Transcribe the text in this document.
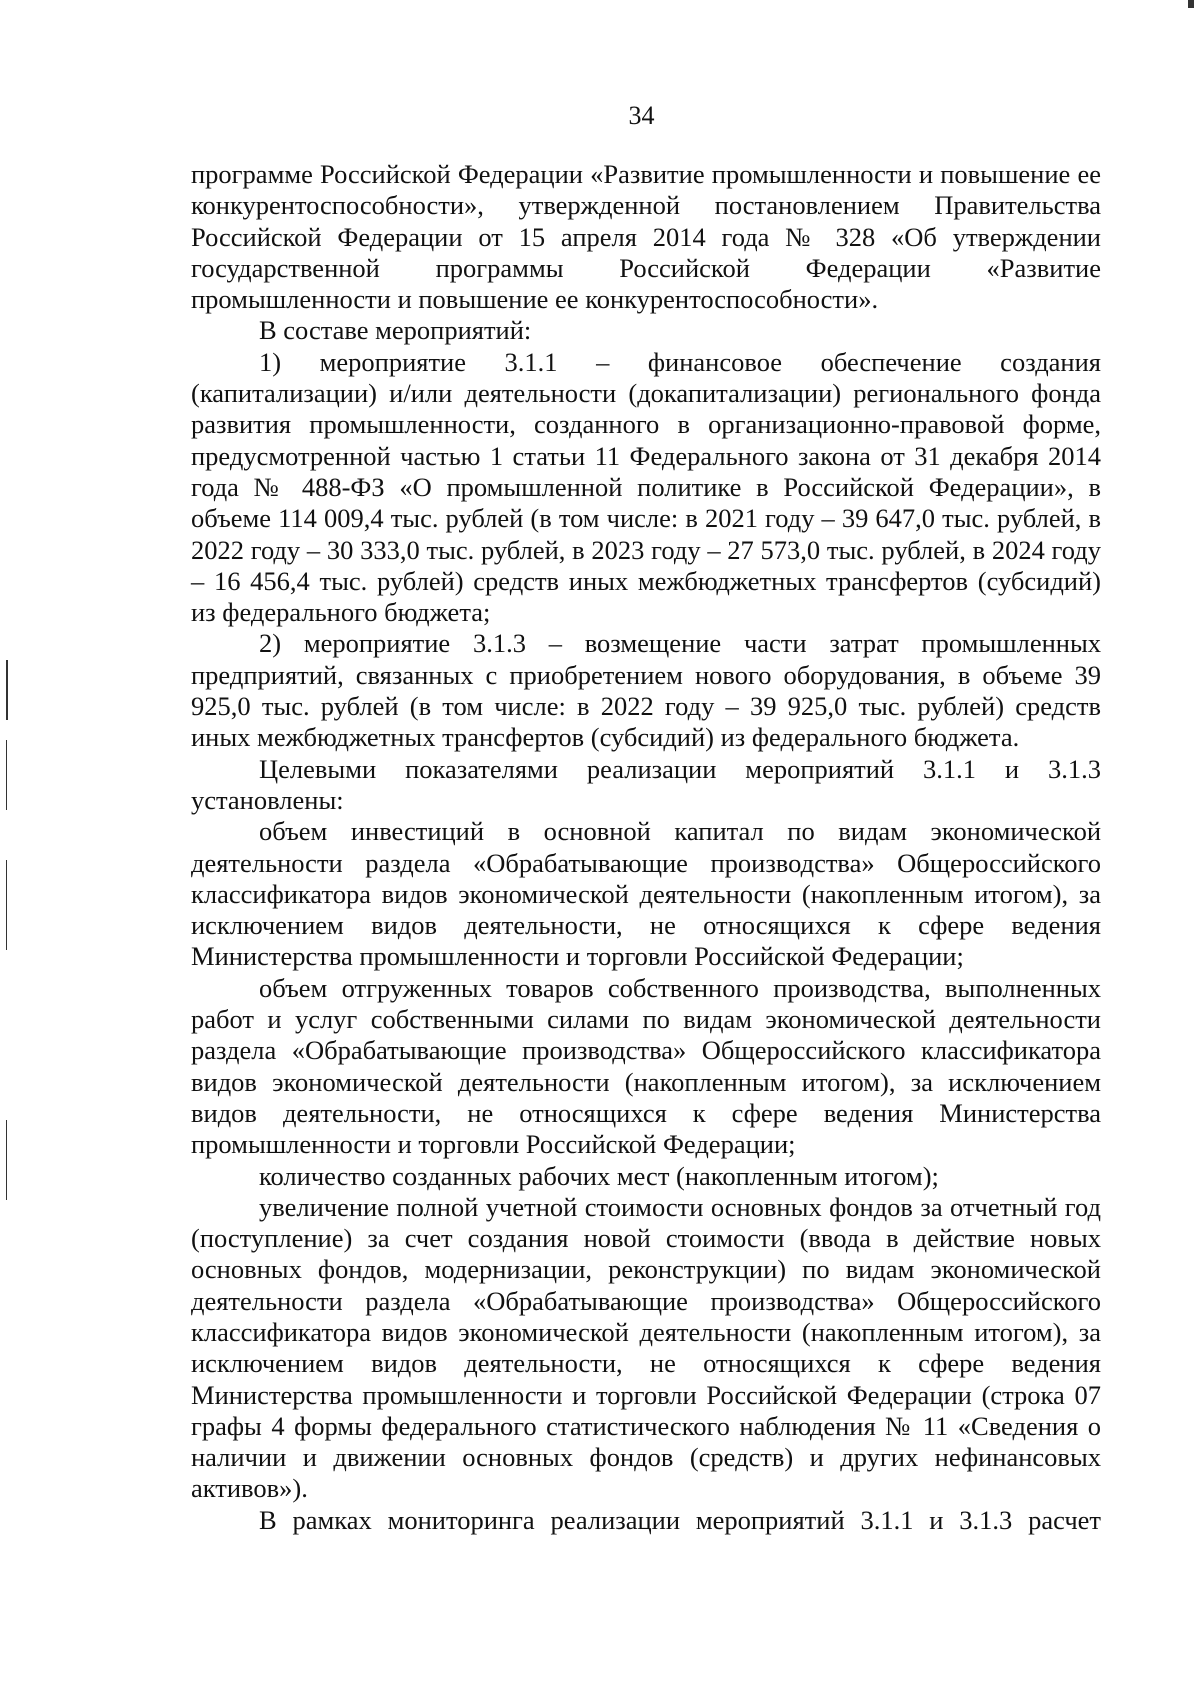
34

программе Российской Федерации «Развитие промышленности и повышение ее конкурентоспособности», утвержденной постановлением Правительства Российской Федерации от 15 апреля 2014 года № 328 «Об утверждении государственной программы Российской Федерации «Развитие промышленности и повышение ее конкурентоспособности».

В составе мероприятий:

1) мероприятие 3.1.1 – финансовое обеспечение создания (капитализации) и/или деятельности (докапитализации) регионального фонда развития промышленности, созданного в организационно-правовой форме, предусмотренной частью 1 статьи 11 Федерального закона от 31 декабря 2014 года № 488-ФЗ «О промышленной политике в Российской Федерации», в объеме 114 009,4 тыс. рублей (в том числе: в 2021 году – 39 647,0 тыс. рублей, в 2022 году – 30 333,0 тыс. рублей, в 2023 году – 27 573,0 тыс. рублей, в 2024 году – 16 456,4 тыс. рублей) средств иных межбюджетных трансфертов (субсидий) из федерального бюджета;

2) мероприятие 3.1.3 – возмещение части затрат промышленных предприятий, связанных с приобретением нового оборудования, в объеме 39 925,0 тыс. рублей (в том числе: в 2022 году – 39 925,0 тыс. рублей) средств иных межбюджетных трансфертов (субсидий) из федерального бюджета.

Целевыми показателями реализации мероприятий 3.1.1 и 3.1.3 установлены:

объем инвестиций в основной капитал по видам экономической деятельности раздела «Обрабатывающие производства» Общероссийского классификатора видов экономической деятельности (накопленным итогом), за исключением видов деятельности, не относящихся к сфере ведения Министерства промышленности и торговли Российской Федерации;

объем отгруженных товаров собственного производства, выполненных работ и услуг собственными силами по видам экономической деятельности раздела «Обрабатывающие производства» Общероссийского классификатора видов экономической деятельности (накопленным итогом), за исключением видов деятельности, не относящихся к сфере ведения Министерства промышленности и торговли Российской Федерации;

количество созданных рабочих мест (накопленным итогом);

увеличение полной учетной стоимости основных фондов за отчетный год (поступление) за счет создания новой стоимости (ввода в действие новых основных фондов, модернизации, реконструкции) по видам экономической деятельности раздела «Обрабатывающие производства» Общероссийского классификатора видов экономической деятельности (накопленным итогом), за исключением видов деятельности, не относящихся к сфере ведения Министерства промышленности и торговли Российской Федерации (строка 07 графы 4 формы федерального статистического наблюдения № 11 «Сведения о наличии и движении основных фондов (средств) и других нефинансовых активов»).

В рамках мониторинга реализации мероприятий 3.1.1 и 3.1.3 расчет
